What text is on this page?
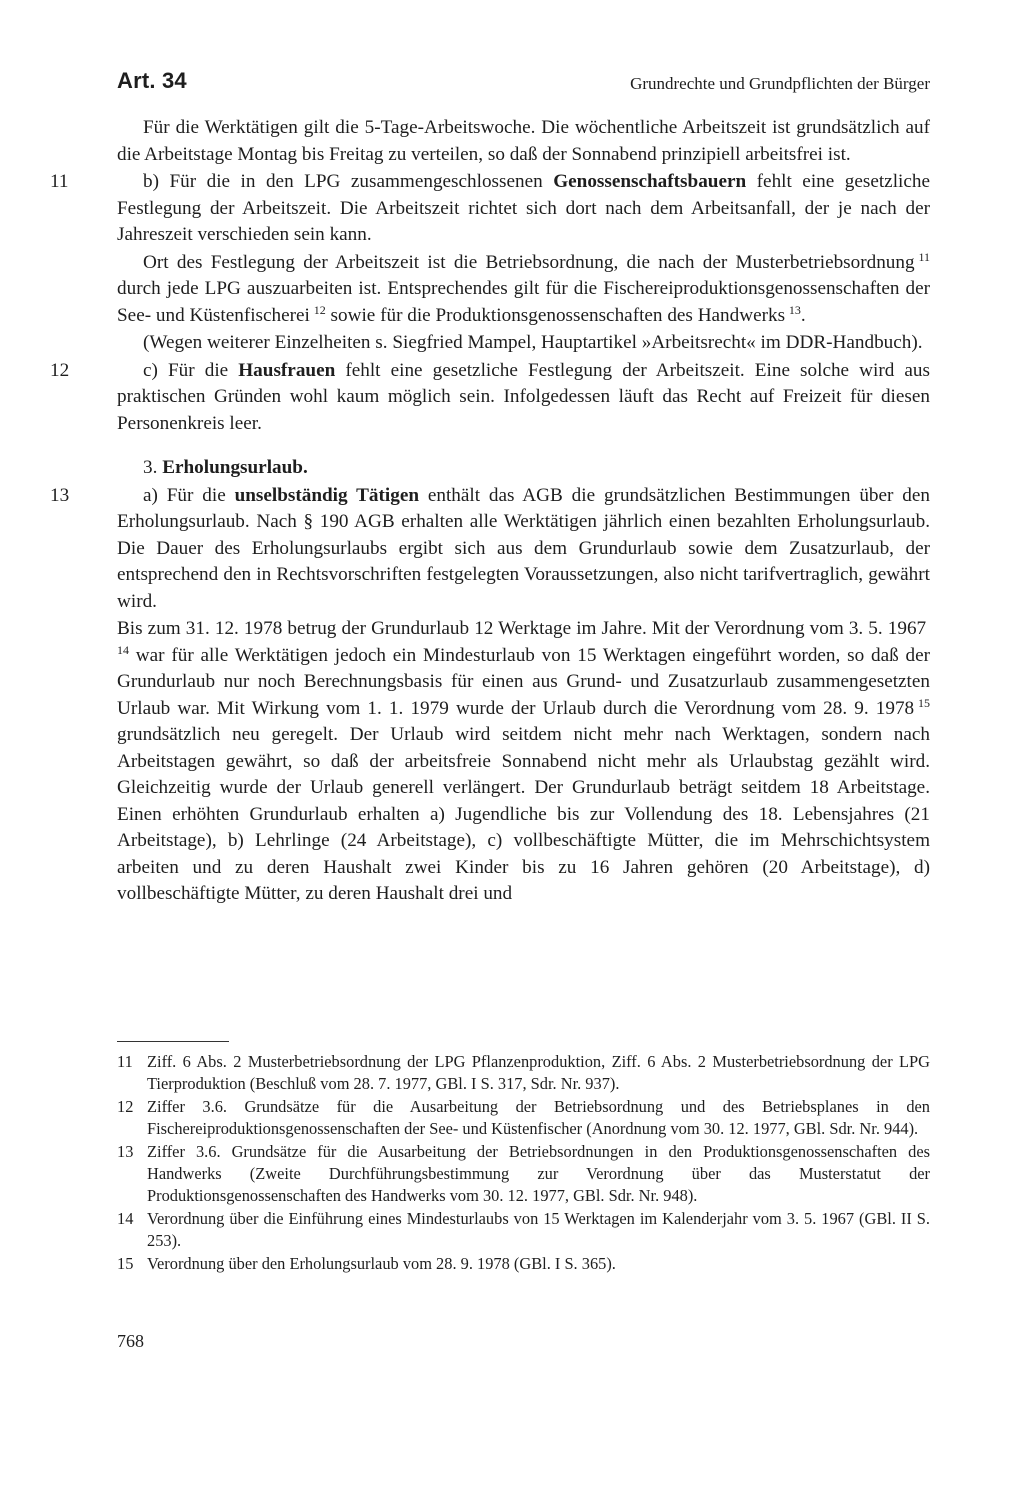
Art. 34	Grundrechte und Grundpflichten der Bürger

Für die Werktätigen gilt die 5-Tage-Arbeitswoche. Die wöchentliche Arbeitszeit ist grundsätzlich auf die Arbeitstage Montag bis Freitag zu verteilen, so daß der Sonnabend prinzipiell arbeitsfrei ist.

11	b) Für die in den LPG zusammengeschlossenen Genossenschaftsbauern fehlt eine gesetzliche Festlegung der Arbeitszeit. Die Arbeitszeit richtet sich dort nach dem Arbeitsanfall, der je nach der Jahreszeit verschieden sein kann.

Ort des Festlegung der Arbeitszeit ist die Betriebsordnung, die nach der Musterbetriebsordnung  $^{11}$ durch jede LPG auszuarbeiten ist. Entsprechendes gilt für die Fischereiproduktionsgenossenschaften der See- und Küstenfischerei  $^{12}$ sowie für die Produktionsgenossenschaften des Handwerks  $^{13}$.

(Wegen weiterer Einzelheiten s. Siegfried Mampel, Hauptartikel »Arbeitsrecht« im DDR-Handbuch).

12	c) Für die Hausfrauen fehlt eine gesetzliche Festlegung der Arbeitszeit. Eine solche wird aus praktischen Gründen wohl kaum möglich sein. Infolgedessen läuft das Recht auf Freizeit für diesen Personenkreis leer.

3. Erholungsurlaub.

13	a) Für die unselbständig Tätigen enthält das AGB die grundsätzlichen Bestimmungen über den Erholungsurlaub. Nach § 190 AGB erhalten alle Werktätigen jährlich einen bezahlten Erholungsurlaub. Die Dauer des Erholungsurlaubs ergibt sich aus dem Grundurlaub sowie dem Zusatzurlaub, der entsprechend den in Rechtsvorschriften festgelegten Voraussetzungen, also nicht tarifvertraglich, gewährt wird.

Bis zum 31. 12. 1978 betrug der Grundurlaub 12 Werktage im Jahre. Mit der Verordnung vom 3. 5. 1967 $^{14}$ war für alle Werktätigen jedoch ein Mindesturlaub von 15 Werktagen eingeführt worden, so daß der Grundurlaub nur noch Berechnungsbasis für einen aus Grund- und Zusatzurlaub zusammengesetzten Urlaub war. Mit Wirkung vom 1. 1. 1979 wurde der Urlaub durch die Verordnung vom 28. 9. 1978  $^{15}$ grundsätzlich neu geregelt. Der Urlaub wird seitdem nicht mehr nach Werktagen, sondern nach Arbeitstagen gewährt, so daß der arbeitsfreie Sonnabend nicht mehr als Urlaubstag gezählt wird. Gleichzeitig wurde der Urlaub generell verlängert. Der Grundurlaub beträgt seitdem 18 Arbeitstage. Einen erhöhten Grundurlaub erhalten a) Jugendliche bis zur Vollendung des 18. Lebensjahres (21 Arbeitstage), b) Lehrlinge (24 Arbeitstage), c) vollbeschäftigte Mütter, die im Mehrschichtsystem arbeiten und zu deren Haushalt zwei Kinder bis zu 16 Jahren gehören (20 Arbeitstage), d) vollbeschäftigte Mütter, zu deren Haushalt drei und

11 Ziff. 6 Abs. 2 Musterbetriebsordnung der LPG Pflanzenproduktion, Ziff. 6 Abs. 2 Musterbetriebsordnung der LPG Tierproduktion (Beschluß vom 28. 7. 1977, GBl. I S. 317, Sdr. Nr. 937).
12 Ziffer 3.6. Grundsätze für die Ausarbeitung der Betriebsordnung und des Betriebsplanes in den Fischereiproduktionsgenossenschaften der See- und Küstenfischer (Anordnung vom 30. 12. 1977, GBl. Sdr. Nr. 944).
13 Ziffer 3.6. Grundsätze für die Ausarbeitung der Betriebsordnungen in den Produktionsgenossenschaften des Handwerks (Zweite Durchführungsbestimmung zur Verordnung über das Musterstatut der Produktionsgenossenschaften des Handwerks vom 30. 12. 1977, GBl. Sdr. Nr. 948).
14 Verordnung über die Einführung eines Mindesturlaubs von 15 Werktagen im Kalenderjahr vom 3. 5. 1967 (GBl. II S. 253).
15 Verordnung über den Erholungsurlaub vom 28. 9. 1978 (GBl. I S. 365).
768
